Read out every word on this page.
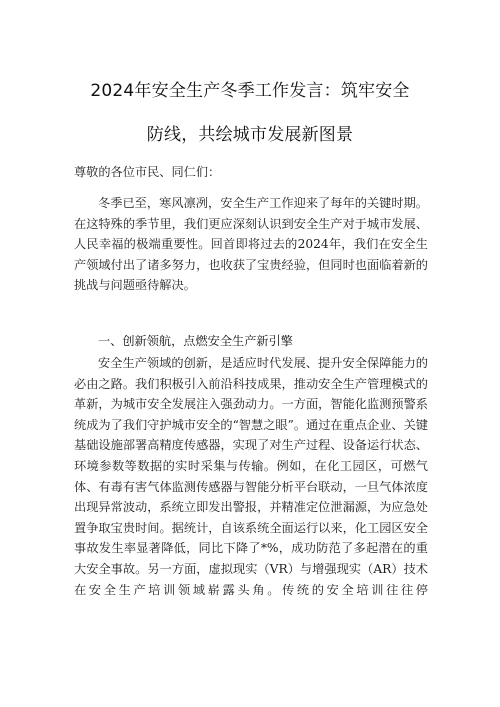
2024年安全生产冬季工作发言：筑牢安全
防线，共绘城市发展新图景

尊敬的各位市民、同仁们：

冬季已至，寒风凛冽，安全生产工作迎来了每年的关键时期。在这特殊的季节里，我们更应深刻认识到安全生产对于城市发展、人民幸福的极端重要性。回首即将过去的2024年，我们在安全生产领域付出了诸多努力，也收获了宝贵经验，但同时也面临着新的挑战与问题亟待解决。

一、创新领航，点燃安全生产新引擎

安全生产领域的创新，是适应时代发展、提升安全保障能力的必由之路。我们积极引入前沿科技成果，推动安全生产管理模式的革新，为城市安全发展注入强劲动力。一方面，智能化监测预警系统成为了我们守护城市安全的“智慧之眼”。通过在重点企业、关键基础设施部署高精度传感器，实现了对生产过程、设备运行状态、环境参数等数据的实时采集与传输。例如，在化工园区，可燃气体、有毒有害气体监测传感器与智能分析平台联动，一旦气体浓度出现异常波动，系统立即发出警报，并精准定位泄漏源，为应急处置争取宝贵时间。据统计，自该系统全面运行以来，化工园区安全事故发生率显著降低，同比下降了*%，成功防范了多起潜在的重大安全事故。另一方面，虚拟现实（VR）与增强现实（AR）技术在安全生产培训领域崭露头角。传统的安全培训往往停
